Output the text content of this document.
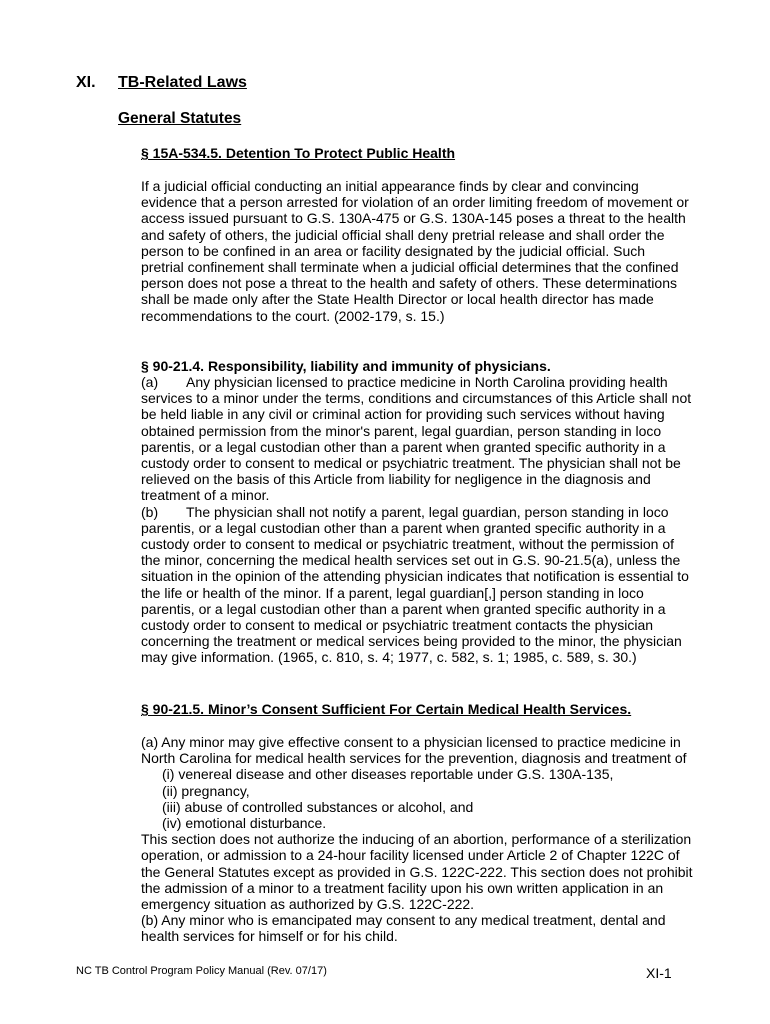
XI. TB-Related Laws
General Statutes
§ 15A-534.5. Detention To Protect Public Health
If a judicial official conducting an initial appearance finds by clear and convincing
evidence that a person arrested for violation of an order limiting freedom of movement or
access issued pursuant to G.S. 130A-475 or G.S. 130A-145 poses a threat to the health
and safety of others, the judicial official shall deny pretrial release and shall order the
person to be confined in an area or facility designated by the judicial official. Such
pretrial confinement shall terminate when a judicial official determines that the confined
person does not pose a threat to the health and safety of others. These determinations
shall be made only after the State Health Director or local health director has made
recommendations to the court. (2002-179, s. 15.)
§ 90-21.4. Responsibility, liability and immunity of physicians.
(a) Any physician licensed to practice medicine in North Carolina providing health
services to a minor under the terms, conditions and circumstances of this Article shall not
be held liable in any civil or criminal action for providing such services without having
obtained permission from the minor's parent, legal guardian, person standing in loco
parentis, or a legal custodian other than a parent when granted specific authority in a
custody order to consent to medical or psychiatric treatment. The physician shall not be
relieved on the basis of this Article from liability for negligence in the diagnosis and
treatment of a minor.
(b) The physician shall not notify a parent, legal guardian, person standing in loco
parentis, or a legal custodian other than a parent when granted specific authority in a
custody order to consent to medical or psychiatric treatment, without the permission of
the minor, concerning the medical health services set out in G.S. 90-21.5(a), unless the
situation in the opinion of the attending physician indicates that notification is essential to
the life or health of the minor. If a parent, legal guardian[,] person standing in loco
parentis, or a legal custodian other than a parent when granted specific authority in a
custody order to consent to medical or psychiatric treatment contacts the physician
concerning the treatment or medical services being provided to the minor, the physician
may give information. (1965, c. 810, s. 4; 1977, c. 582, s. 1; 1985, c. 589, s. 30.)
§ 90-21.5. Minor’s Consent Sufficient For Certain Medical Health Services.
(a) Any minor may give effective consent to a physician licensed to practice medicine in
North Carolina for medical health services for the prevention, diagnosis and treatment of
(i) venereal disease and other diseases reportable under G.S. 130A-135,
(ii) pregnancy,
(iii) abuse of controlled substances or alcohol, and
(iv) emotional disturbance.
This section does not authorize the inducing of an abortion, performance of a sterilization
operation, or admission to a 24-hour facility licensed under Article 2 of Chapter 122C of
the General Statutes except as provided in G.S. 122C-222. This section does not prohibit
the admission of a minor to a treatment facility upon his own written application in an
emergency situation as authorized by G.S. 122C-222.
(b) Any minor who is emancipated may consent to any medical treatment, dental and
health services for himself or for his child.
NC TB Control Program Policy Manual (Rev. 07/17)	XI-1
